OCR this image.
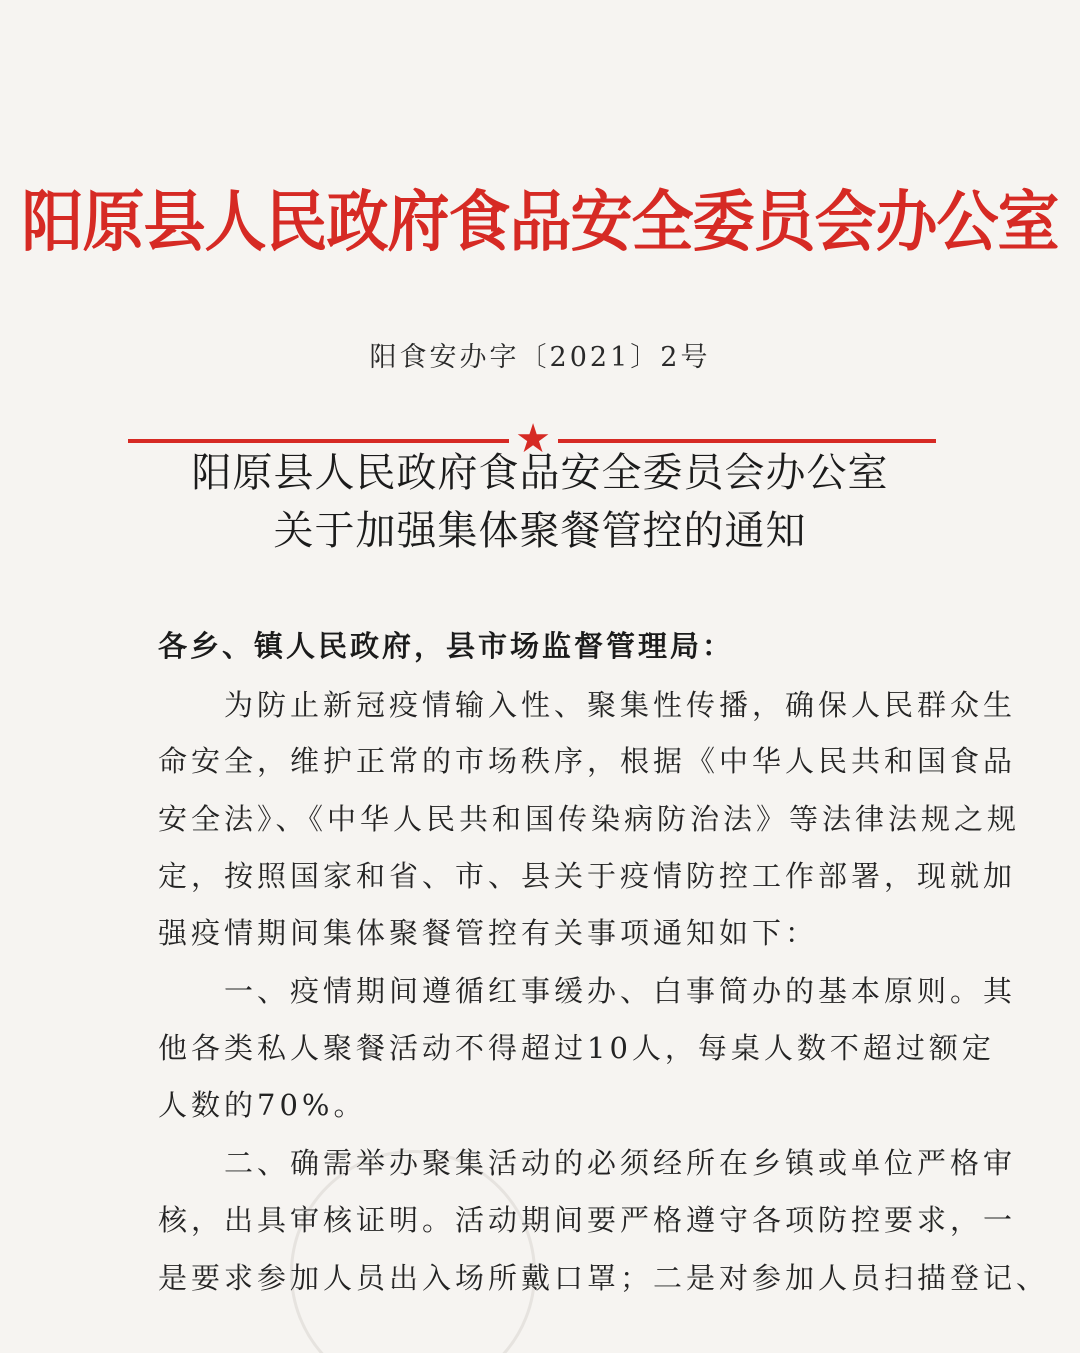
阳原县人民政府食品安全委员会办公室
阳食安办字〔2021〕2号
★
阳原县人民政府食品安全委员会办公室
关于加强集体聚餐管控的通知
各乡、镇人民政府，县市场监督管理局：
　　为防止新冠疫情输入性、聚集性传播，确保人民群众生
命安全，维护正常的市场秩序，根据《中华人民共和国食品
安全法》、《中华人民共和国传染病防治法》等法律法规之规
定，按照国家和省、市、县关于疫情防控工作部署，现就加
强疫情期间集体聚餐管控有关事项通知如下：
　　一、疫情期间遵循红事缓办、白事简办的基本原则。其
他各类私人聚餐活动不得超过10人，每桌人数不超过额定
人数的70%。
　　二、确需举办聚集活动的必须经所在乡镇或单位严格审
核，出具审核证明。活动期间要严格遵守各项防控要求，一
是要求参加人员出入场所戴口罩；二是对参加人员扫描登记、
